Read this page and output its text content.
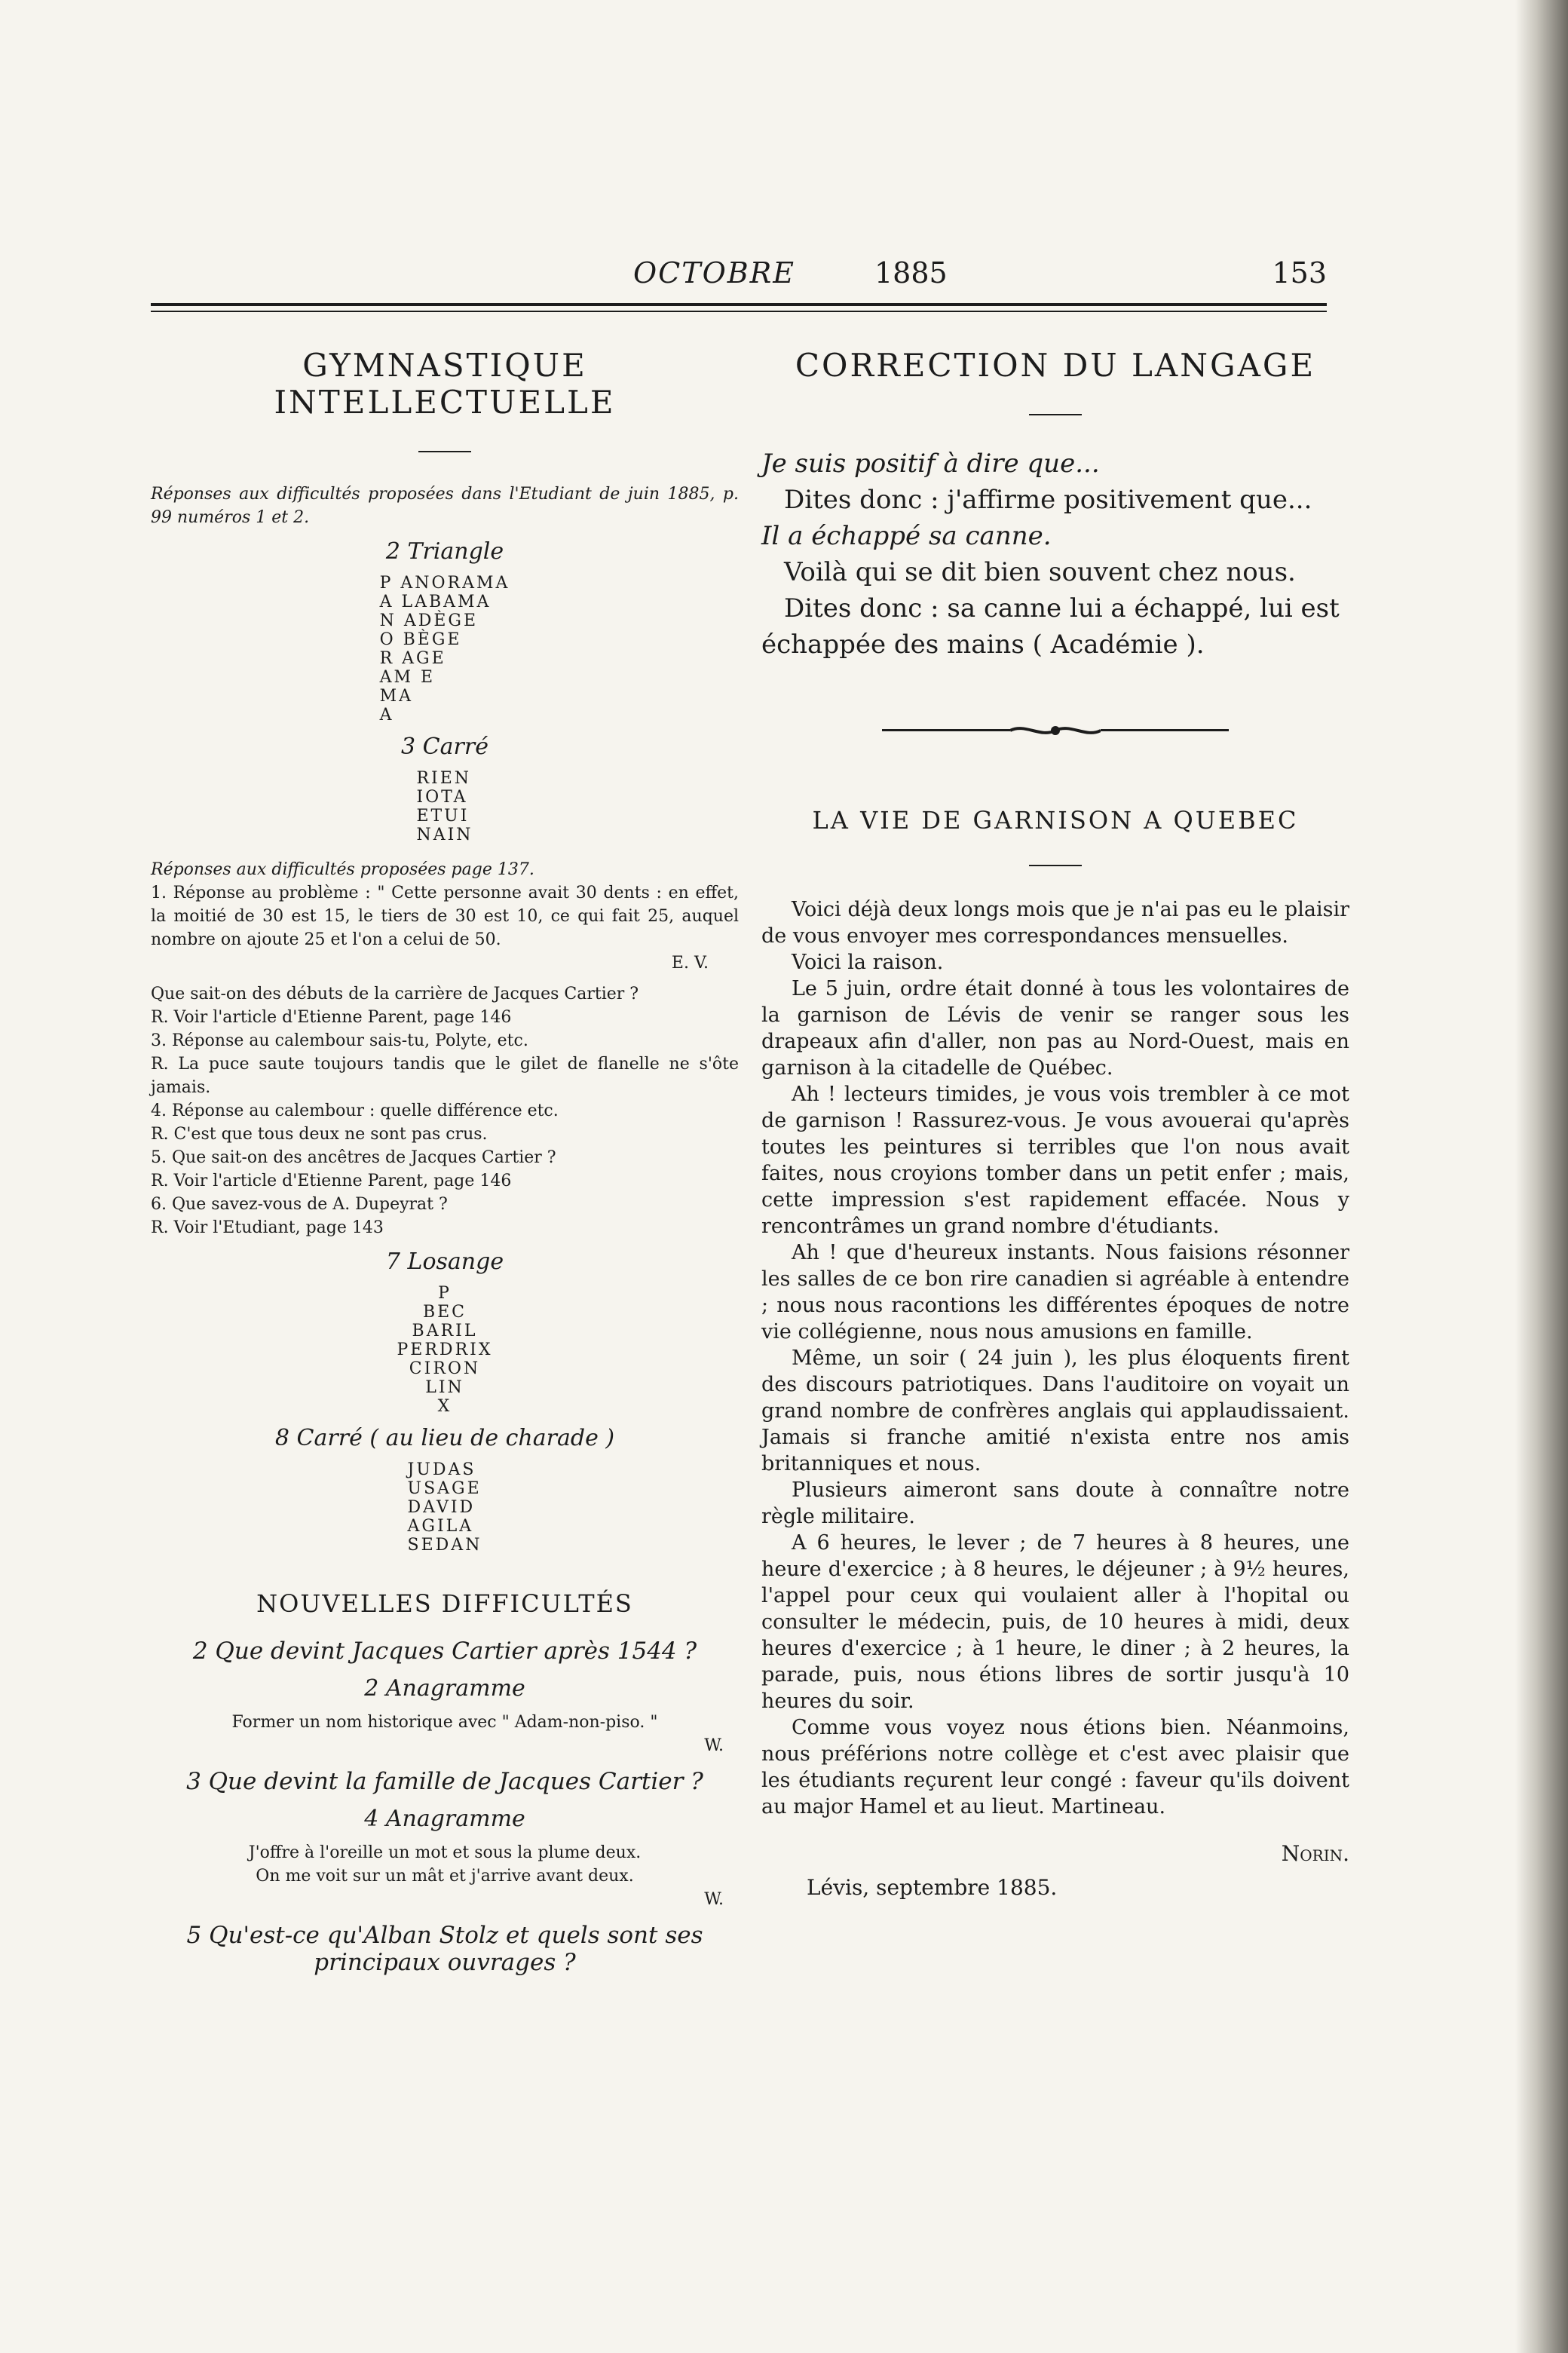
OCTOBRE	1885	153
GYMNASTIQUE INTELLECTUELLE
Réponses aux difficultés proposées dans l'Etudiant de juin 1885, p. 99 numéros 1 et 2.
2 Triangle
P ANORAMA
A LABAMA
N ADÈGE
O BÈGE
R AGE
AM E
MA
A
3 Carré
RIEN
IOTA
ETUI
NAIN
Réponses aux difficultés proposées page 137.
1. Réponse au problème : " Cette personne avait 30 dents : en effet, la moitié de 30 est 15, le tiers de 30 est 10, ce qui fait 25, auquel nombre on ajoute 25 et l'on a celui de 50.
E. V.
Que sait-on des débuts de la carrière de Jacques Cartier ?
R. Voir l'article d'Etienne Parent, page 146
3. Réponse au calembour sais-tu, Polyte, etc.
R. La puce saute toujours tandis que le gilet de flanelle ne s'ôte jamais.
4. Réponse au calembour : quelle différence etc.
R. C'est que tous deux ne sont pas crus.
5. Que sait-on des ancêtres de Jacques Cartier ?
R. Voir l'article d'Etienne Parent, page 146
6. Que savez-vous de A. Dupeyrat ?
R. Voir l'Etudiant, page 143
7 Losange
P
BEC
BARIL
PERDRIX
CIRON
LIN
X
8 Carré ( au lieu de charade )
JUDAS
USAGE
DAVID
AGILA
SEDAN
NOUVELLES DIFFICULTÉS
2 Que devint Jacques Cartier après 1544 ?
2 Anagramme
Former un nom historique avec " Adam-non-piso. "
W.
3 Que devint la famille de Jacques Cartier ?
4 Anagramme
J'offre à l'oreille un mot et sous la plume deux.
On me voit sur un mât et j'arrive avant deux.
W.
5 Qu'est-ce qu'Alban Stolz et quels sont ses principaux ouvrages ?
CORRECTION DU LANGAGE
Je suis positif à dire que...
Dites donc : j'affirme positivement que...
Il a échappé sa canne.
Voilà qui se dit bien souvent chez nous.
Dites donc : sa canne lui a échappé, lui est échappée des mains ( Académie ).
LA VIE DE GARNISON A QUEBEC

Voici déjà deux longs mois que je n'ai pas eu le plaisir de vous envoyer mes correspondances mensuelles.

Voici la raison.

Le 5 juin, ordre était donné à tous les volontaires de la garnison de Lévis de venir se ranger sous les drapeaux afin d'aller, non pas au Nord-Ouest, mais en garnison à la citadelle de Québec.

Ah ! lecteurs timides, je vous vois trembler à ce mot de garnison ! Rassurez-vous. Je vous avouerai qu'après toutes les peintures si terribles que l'on nous avait faites, nous croyions tomber dans un petit enfer ; mais, cette impression s'est rapidement effacée. Nous y rencontrâmes un grand nombre d'étudiants.

Ah ! que d'heureux instants. Nous faisions résonner les salles de ce bon rire canadien si agréable à entendre ; nous nous racontions les différentes époques de notre vie collégienne, nous nous amusions en famille.

Même, un soir ( 24 juin ), les plus éloquents firent des discours patriotiques. Dans l'auditoire on voyait un grand nombre de confrères anglais qui applaudissaient. Jamais si franche amitié n'exista entre nos amis britanniques et nous.

Plusieurs aimeront sans doute à connaître notre règle militaire.

A 6 heures, le lever ; de 7 heures à 8 heures, une heure d'exercice ; à 8 heures, le déjeuner ; à 9½ heures, l'appel pour ceux qui voulaient aller à l'hopital ou consulter le médecin, puis, de 10 heures à midi, deux heures d'exercice ; à 1 heure, le diner ; à 2 heures, la parade, puis, nous étions libres de sortir jusqu'à 10 heures du soir.

Comme vous voyez nous étions bien. Néanmoins, nous préférions notre collège et c'est avec plaisir que les étudiants reçurent leur congé : faveur qu'ils doivent au major Hamel et au lieut. Martineau.

Norin.
Lévis, septembre 1885.
